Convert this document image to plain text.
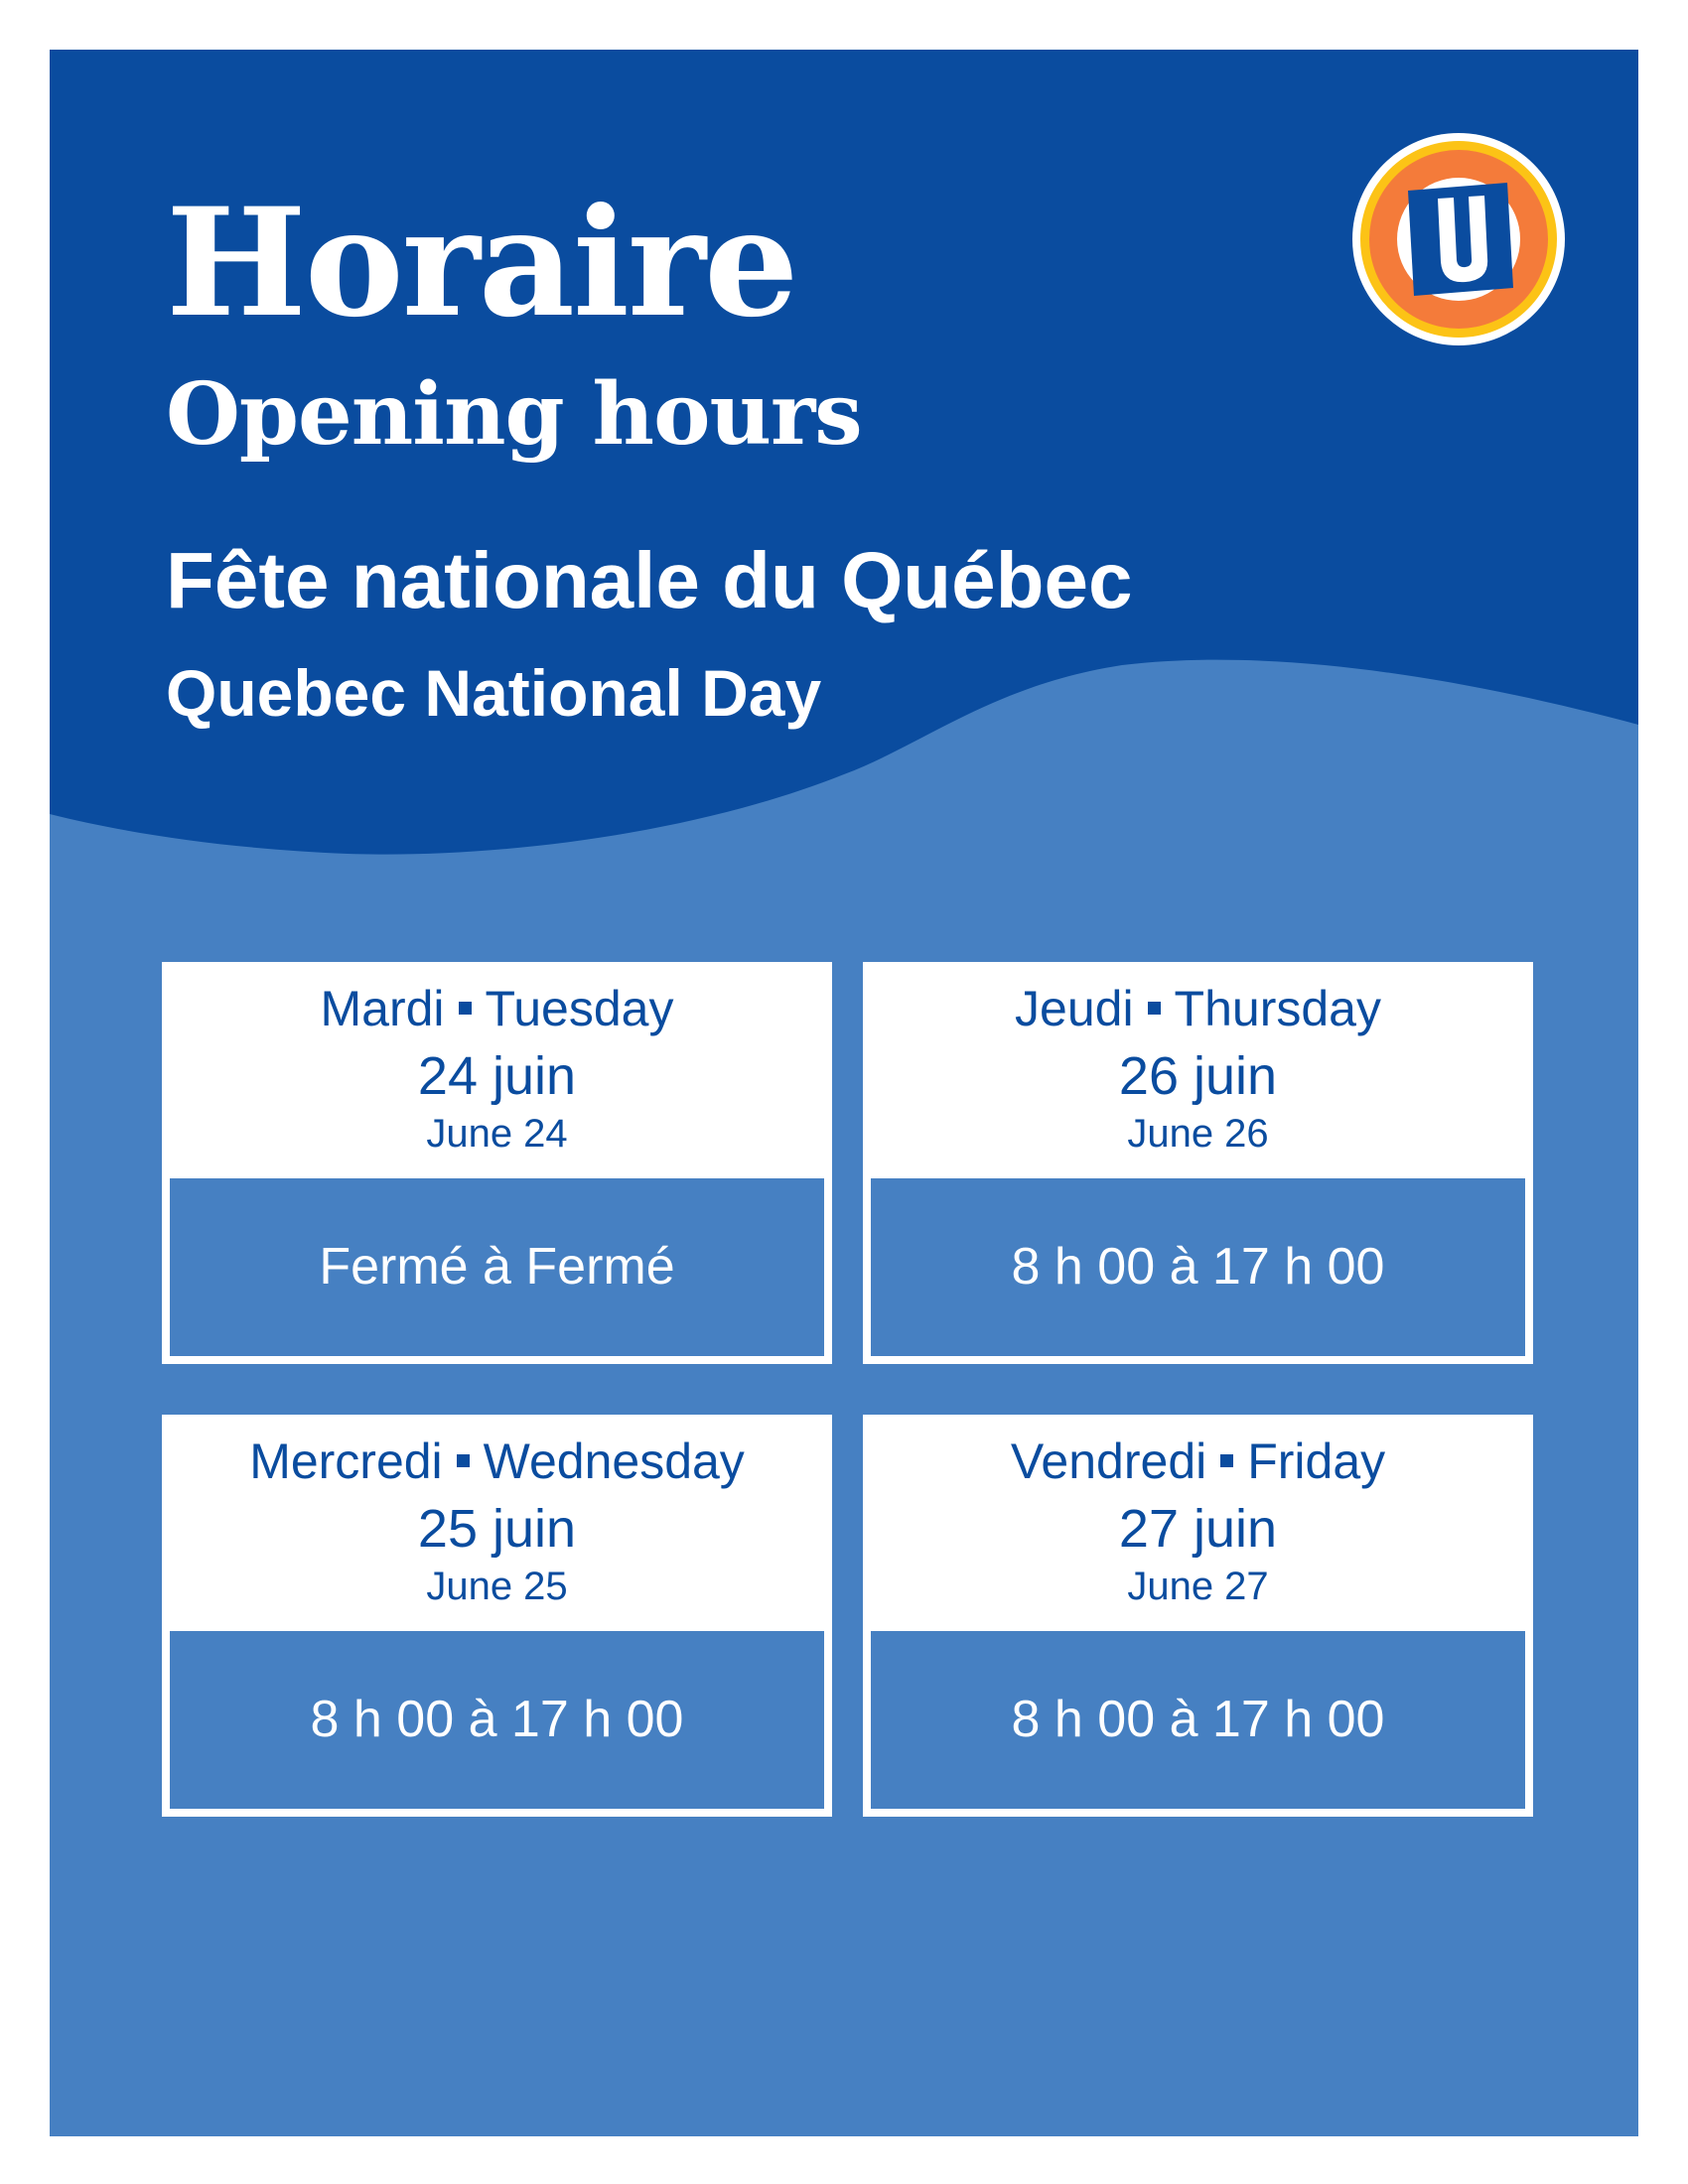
Horaire
Opening hours
Fête nationale du Québec
Quebec National Day
Mardi Tuesday
24 juin
June 24
Fermé à Fermé
Jeudi Thursday
26 juin
June 26
8 h 00 à 17 h 00
Mercredi Wednesday
25 juin
June 25
8 h 00 à 17 h 00
Vendredi Friday
27 juin
June 27
8 h 00 à 17 h 00
